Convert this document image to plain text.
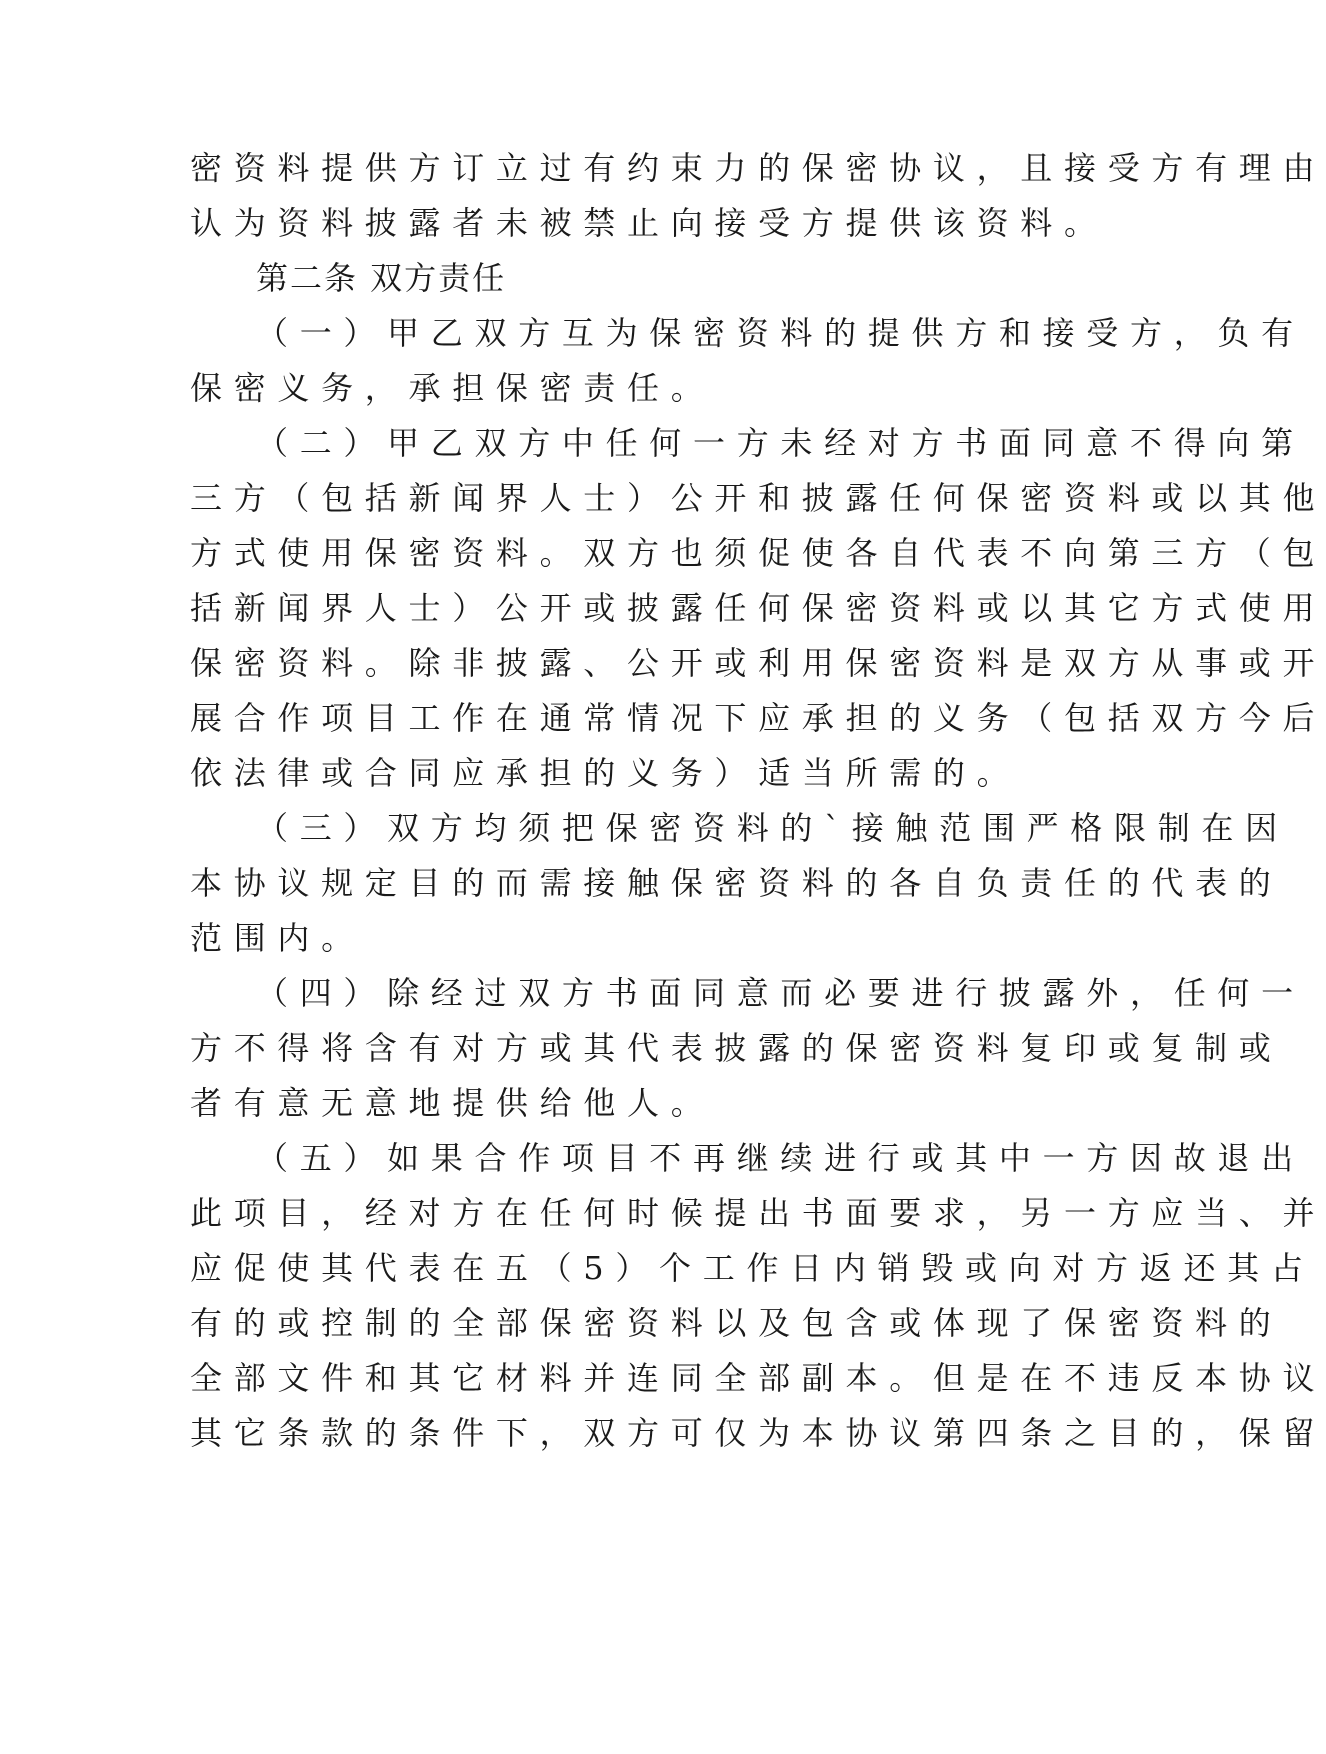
密资料提供方订立过有约束力的保密协议，且接受方有理由
认为资料披露者未被禁止向接受方提供该资料。
第二条 双方责任
（一）甲乙双方互为保密资料的提供方和接受方，负有
保密义务，承担保密责任。
（二）甲乙双方中任何一方未经对方书面同意不得向第
三方（包括新闻界人士）公开和披露任何保密资料或以其他
方式使用保密资料。双方也须促使各自代表不向第三方（包
括新闻界人士）公开或披露任何保密资料或以其它方式使用
保密资料。除非披露、公开或利用保密资料是双方从事或开
展合作项目工作在通常情况下应承担的义务（包括双方今后
依法律或合同应承担的义务）适当所需的。
（三）双方均须把保密资料的`接触范围严格限制在因
本协议规定目的而需接触保密资料的各自负责任的代表的
范围内。
（四）除经过双方书面同意而必要进行披露外，任何一
方不得将含有对方或其代表披露的保密资料复印或复制或
者有意无意地提供给他人。
（五）如果合作项目不再继续进行或其中一方因故退出
此项目，经对方在任何时候提出书面要求，另一方应当、并
应促使其代表在五（5）个工作日内销毁或向对方返还其占
有的或控制的全部保密资料以及包含或体现了保密资料的
全部文件和其它材料并连同全部副本。但是在不违反本协议
其它条款的条件下，双方可仅为本协议第四条之目的，保留
